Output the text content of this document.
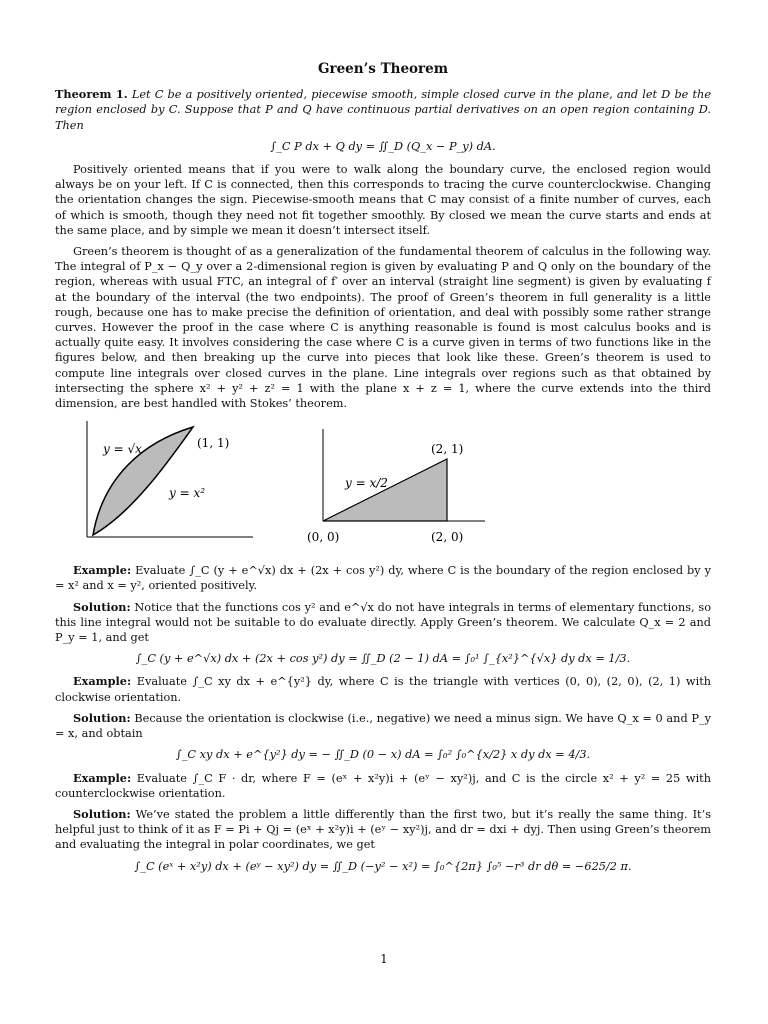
Green’s Theorem

Theorem 1. Let C be a positively oriented, piecewise smooth, simple closed curve in the plane, and let D be the region enclosed by C. Suppose that P and Q have continuous partial derivatives on an open region containing D. Then

∫_C P dx + Q dy = ∬_D (Q_x − P_y) dA.

Positively oriented means that if you were to walk along the boundary curve, the enclosed region would always be on your left. If C is connected, then this corresponds to tracing the curve counterclockwise. Changing the orientation changes the sign. Piecewise-smooth means that C may consist of a finite number of curves, each of which is smooth, though they need not fit together smoothly. By closed we mean the curve starts and ends at the same place, and by simple we mean it doesn’t intersect itself.

Green’s theorem is thought of as a generalization of the fundamental theorem of calculus in the following way. The integral of P_x − Q_y over a 2-dimensional region is given by evaluating P and Q only on the boundary of the region, whereas with usual FTC, an integral of f′ over an interval (straight line segment) is given by evaluating f at the boundary of the interval (the two endpoints). The proof of Green’s theorem in full generality is a little rough, because one has to make precise the definition of orientation, and deal with possibly some rather strange curves. However the proof in the case where C is anything reasonable is found is most calculus books and is actually quite easy. It involves considering the case where C is a curve given in terms of two functions like in the figures below, and then breaking up the curve into pieces that look like these. Green’s theorem is used to compute line integrals over closed curves in the plane. Line integrals over regions such as that obtained by intersecting the sphere x² + y² + z² = 1 with the plane x + z = 1, where the curve extends into the third dimension, are best handled with Stokes’ theorem.

y = √x
y = x²
(1, 1)
y = x/2
(2, 1)
(0, 0)	(2, 0)

Example: Evaluate ∫_C (y + e^√x) dx + (2x + cos y²) dy, where C is the boundary of the region enclosed by y = x² and x = y², oriented positively.

Solution: Notice that the functions cos y² and e^√x do not have integrals in terms of elementary functions, so this line integral would not be suitable to do evaluate directly. Apply Green’s theorem. We calculate Q_x = 2 and P_y = 1, and get

∫_C (y + e^√x) dx + (2x + cos y²) dy = ∬_D (2 − 1) dA = ∫₀¹ ∫_{x²}^{√x} dy dx = 1/3.

Example: Evaluate ∫_C xy dx + e^{y²} dy, where C is the triangle with vertices (0, 0), (2, 0), (2, 1) with clockwise orientation.

Solution: Because the orientation is clockwise (i.e., negative) we need a minus sign. We have Q_x = 0 and P_y = x, and obtain

∫_C xy dx + e^{y²} dy = − ∬_D (0 − x) dA = ∫₀² ∫₀^{x/2} x dy dx = 4/3.

Example: Evaluate ∫_C F · dr, where F = (eˣ + x²y)i + (eʸ − xy²)j, and C is the circle x² + y² = 25 with counterclockwise orientation.

Solution: We’ve stated the problem a little differently than the first two, but it’s really the same thing. It’s helpful just to think of it as F = Pi + Qj = (eˣ + x²y)i + (eʸ − xy²)j, and dr = dxi + dyj. Then using Green’s theorem and evaluating the integral in polar coordinates, we get

∫_C (eˣ + x²y) dx + (eʸ − xy²) dy = ∬_D (−y² − x²) = ∫₀^{2π} ∫₀⁵ −r³ dr dθ = −625/2 π.
1
